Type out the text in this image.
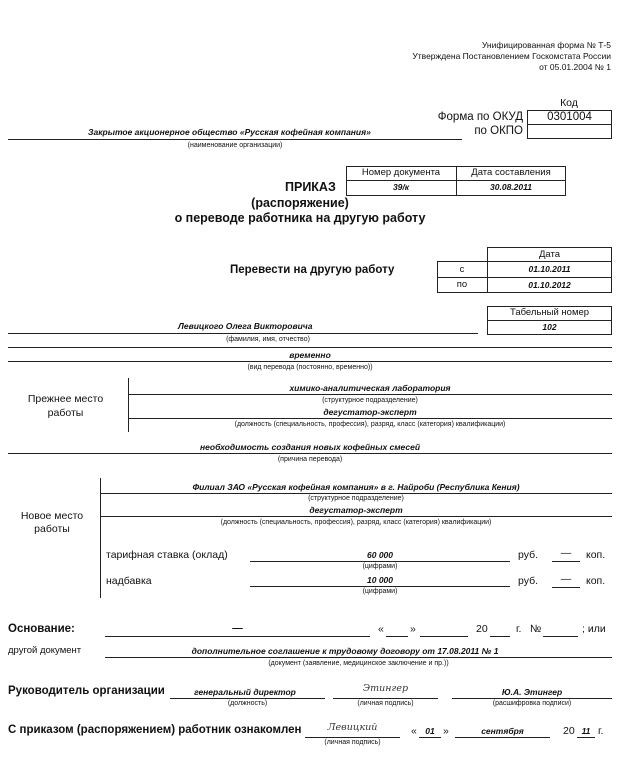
Унифицированная форма № Т-5
Утверждена Постановлением Госкомстата России
от 05.01.2004 № 1
Код
Форма по ОКУД	0301004
по ОКПО
Закрытое акционерное общество «Русская кофейная компания»
(наименование организации)
Номер документа	Дата составления
39/к	30.08.2011
ПРИКАЗ
(распоряжение)
о переводе работника на другую работу
Дата
Перевести на другую работу	с	01.10.2011
по	01.10.2012
Табельный номер
102
Левицкого Олега Викторовича
(фамилия, имя, отчество)
временно
(вид перевода (постоянно, временно))
Прежнее место
работы
химико-аналитическая лаборатория
(структурное подразделение)
дегустатор-эксперт
(должность (специальность, профессия), разряд, класс (категория) квалификации)
необходимость создания новых кофейных смесей
(причина перевода)
Новое место
работы
Филиал ЗАО «Русская кофейная компания» в г. Найроби (Республика Кения)
(структурное подразделение)
дегустатор-эксперт
(должность (специальность, профессия), разряд, класс (категория) квалификации)
тарифная ставка (оклад)	60 000
(цифрами)
руб.	—	коп.
надбавка	10 000
(цифрами)
руб.	—	коп.
Основание:	—	« »	20	г. №	; или
другой документ	дополнительное соглашение к трудовому договору от 17.08.2011 № 1
(документ (заявление, медицинское заключение и пр.))
Руководитель организации	генеральный директор
(должность)
Этингер
(личная подпись)
Ю.А. Этингер
(расшифровка подписи)
С приказом (распоряжением) работник ознакомлен	Левицкий
(личная подпись)
« 01 »	сентября	20 11 г.
